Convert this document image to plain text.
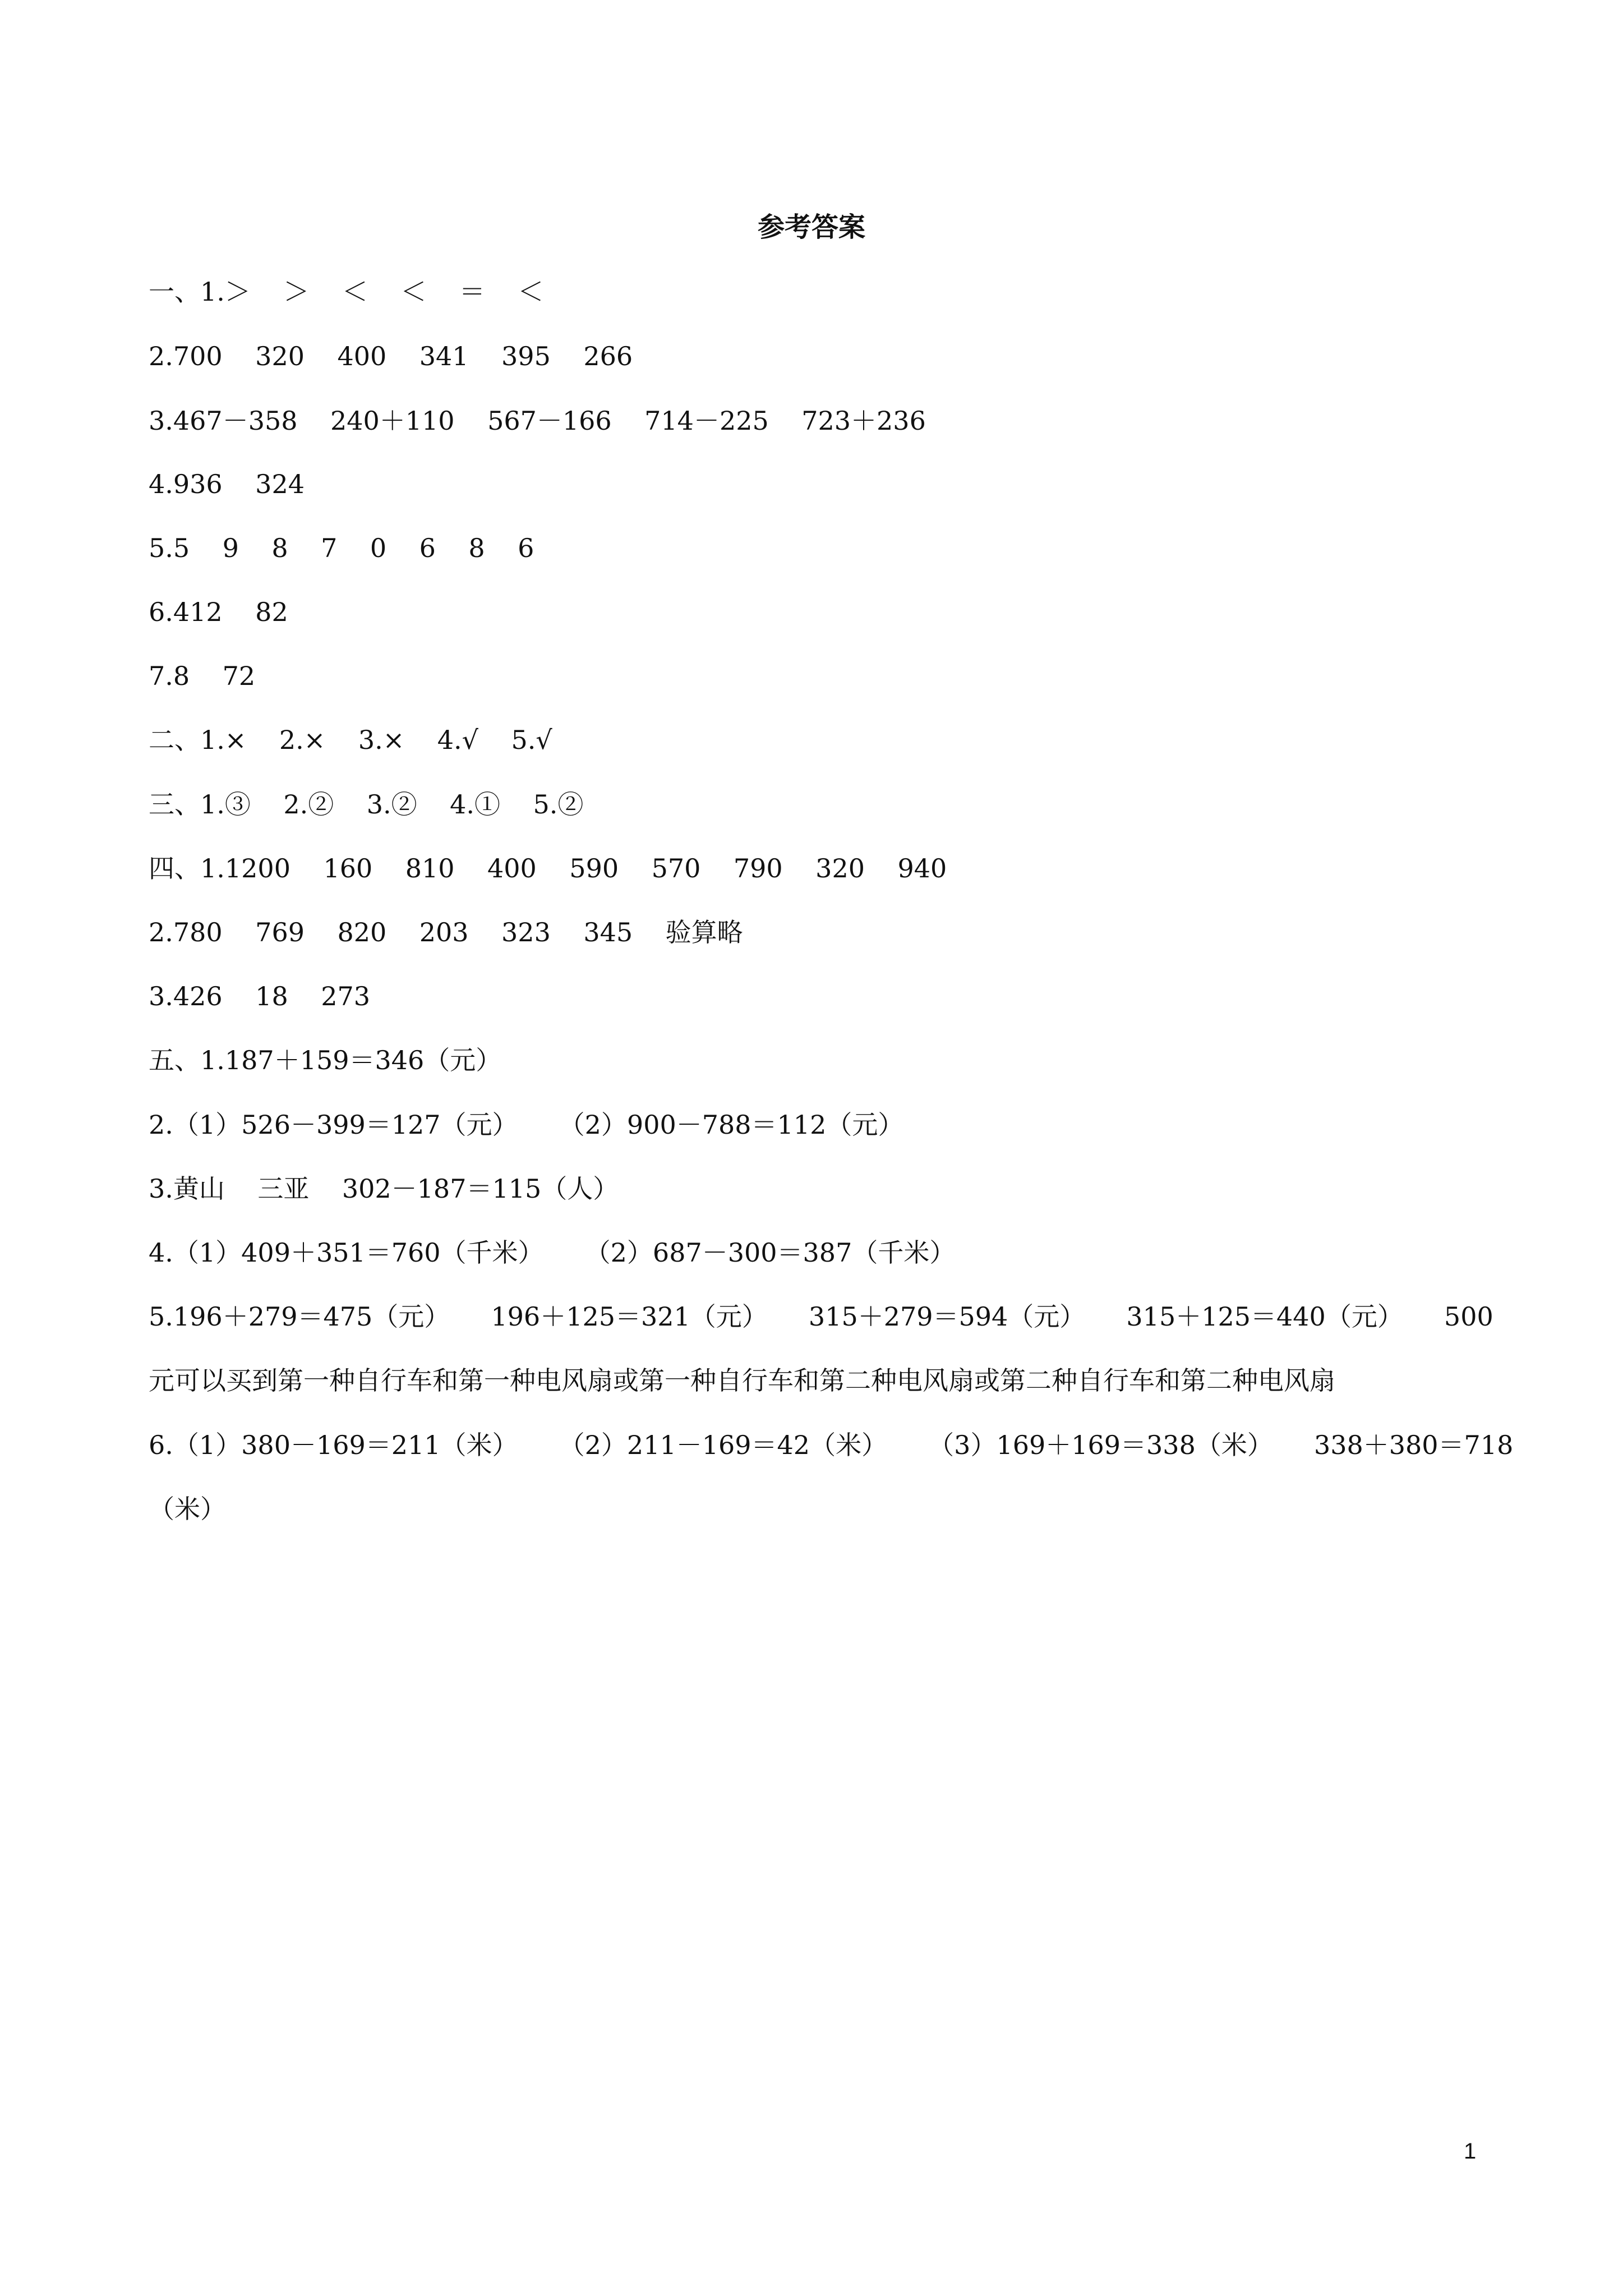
参考答案
一、1.＞    ＞    ＜    ＜    ＝    ＜
2.700    320    400    341    395    266
3.467－358    240＋110    567－166    714－225    723＋236
4.936    324
5.5    9    8    7    0    6    8    6
6.412    82
7.8    72
二、1.×    2.×    3.×    4.√    5.√
三、1.③    2.②    3.②    4.①    5.②
四、1.1200    160    810    400    590    570    790    320    940
2.780    769    820    203    323    345    验算略
3.426    18    273
五、1.187＋159＝346（元）
2.（1）526－399＝127（元）     （2）900－788＝112（元）
3.黄山    三亚    302－187＝115（人）
4.（1）409＋351＝760（千米）     （2）687－300＝387（千米）
5.196＋279＝475（元）     196＋125＝321（元）     315＋279＝594（元）     315＋125＝440（元）     500
元可以买到第一种自行车和第一种电风扇或第一种自行车和第二种电风扇或第二种自行车和第二种电风扇
6.（1）380－169＝211（米）     （2）211－169＝42（米）     （3）169＋169＝338（米）     338＋380＝718
（米）
1
